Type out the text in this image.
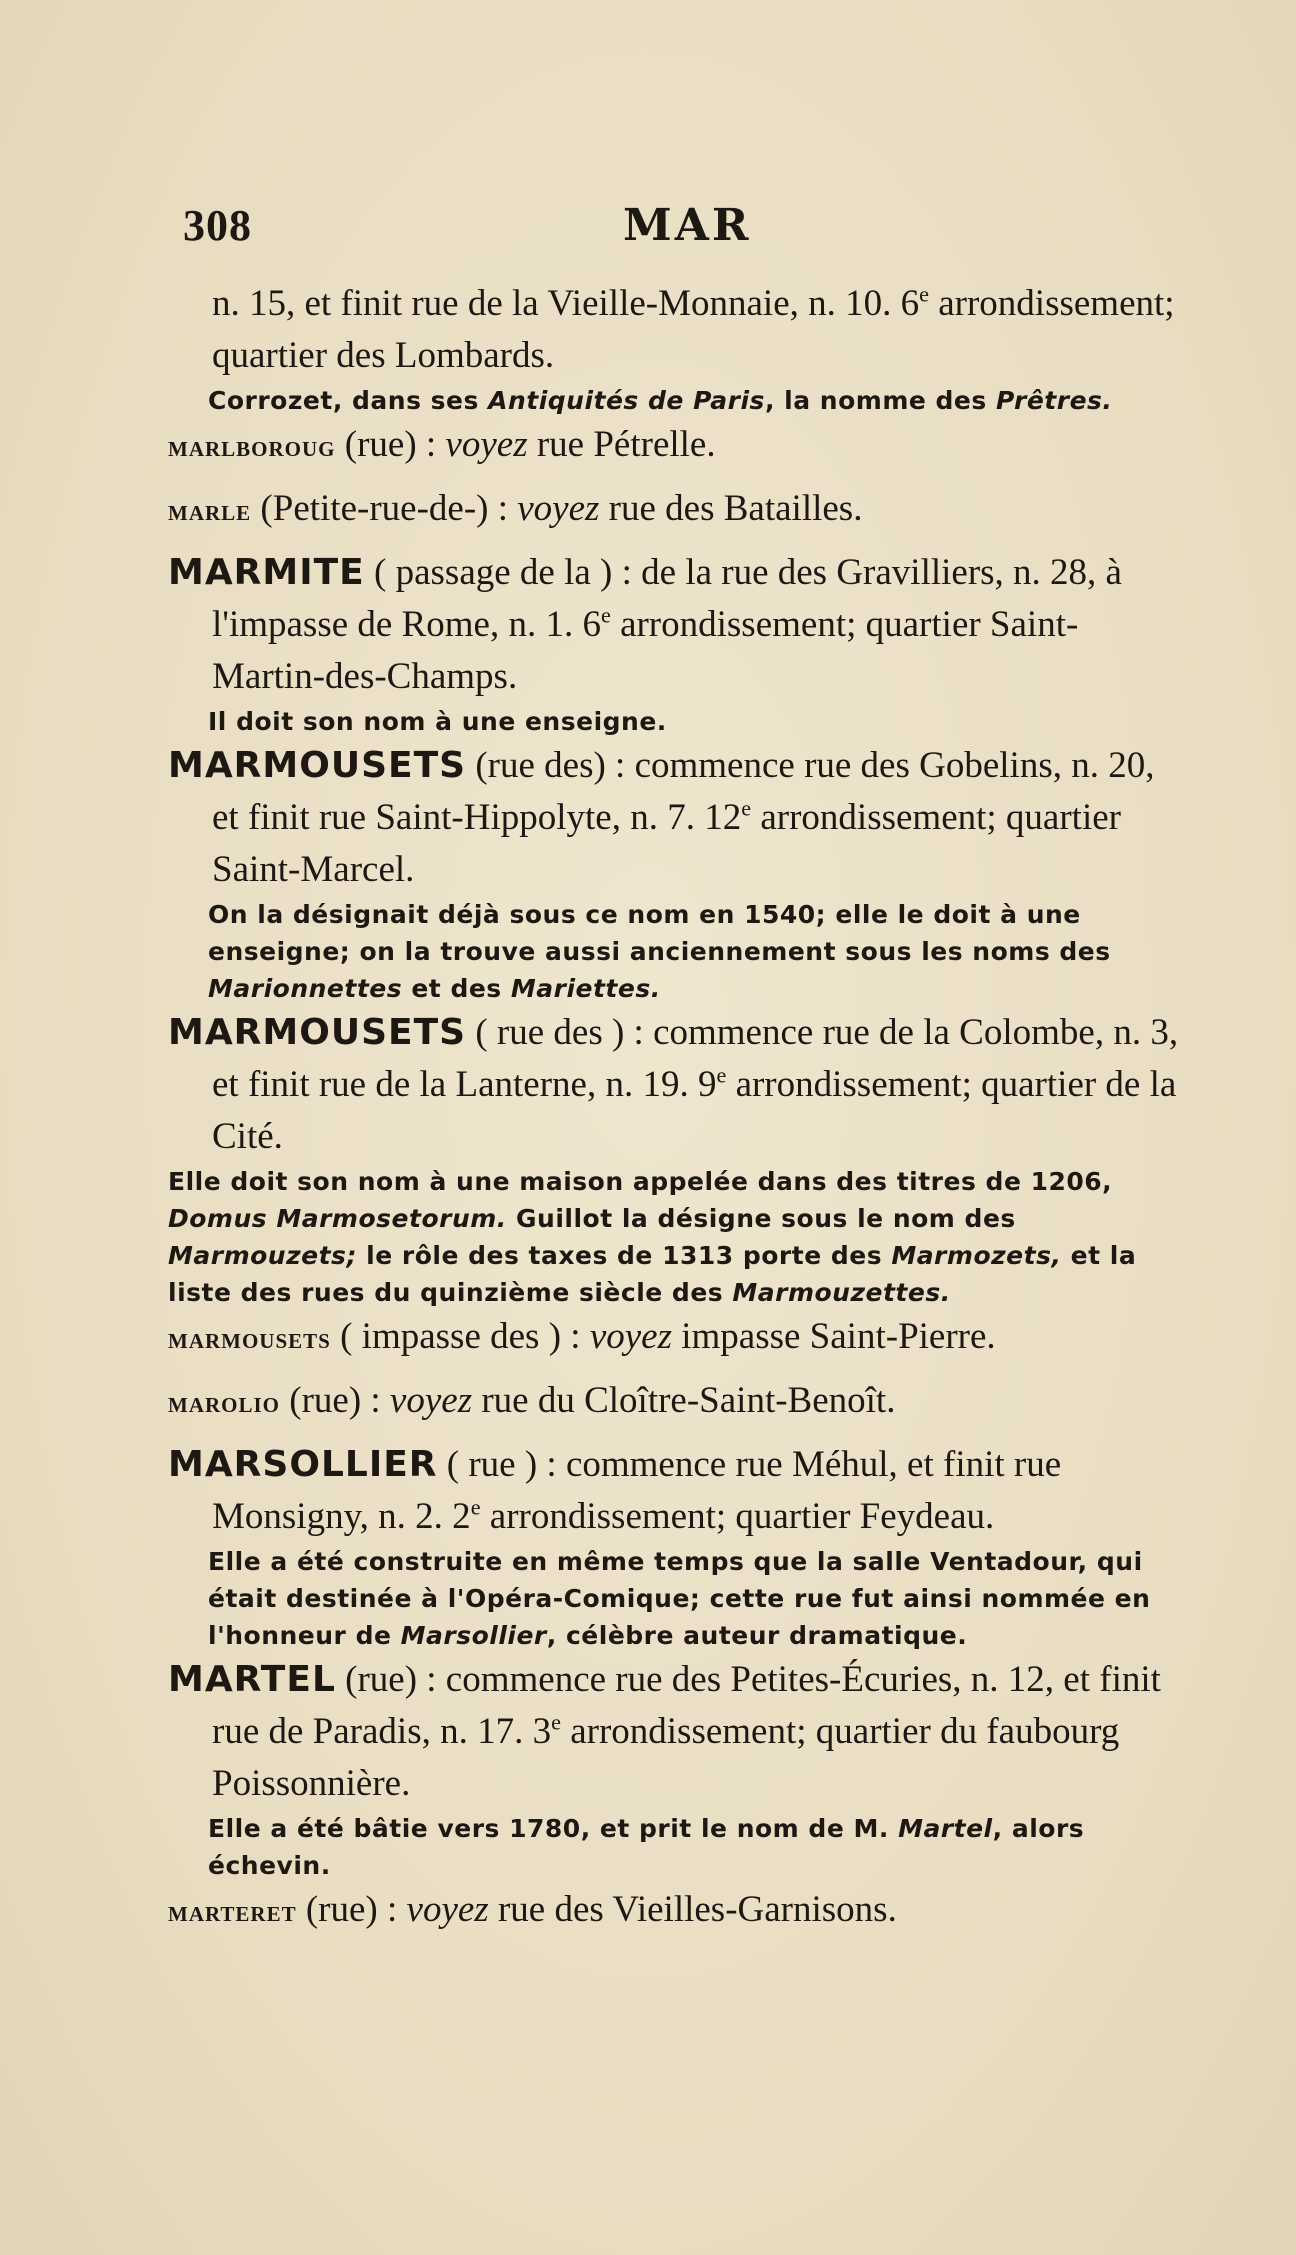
308	MAR

n. 15, et finit rue de la Vieille-Monnaie, n. 10. 6e arrondissement; quartier des Lombards.

Corrozet, dans ses Antiquités de Paris, la nomme des Prêtres.

marlboroug (rue) : voyez rue Pétrelle.

marle (Petite-rue-de-) : voyez rue des Batailles.

MARMITE ( passage de la ) : de la rue des Gravilliers, n. 28, à l'impasse de Rome, n. 1. 6e arrondissement; quartier Saint-Martin-des-Champs.

Il doit son nom à une enseigne.

MARMOUSETS (rue des) : commence rue des Gobelins, n. 20, et finit rue Saint-Hippolyte, n. 7. 12e arrondissement; quartier Saint-Marcel.

On la désignait déjà sous ce nom en 1540; elle le doit à une enseigne; on la trouve aussi anciennement sous les noms des Marionnettes et des Mariettes.

MARMOUSETS ( rue des ) : commence rue de la Colombe, n. 3, et finit rue de la Lanterne, n. 19. 9e arrondissement; quartier de la Cité.

Elle doit son nom à une maison appelée dans des titres de 1206, Domus Marmosetorum. Guillot la désigne sous le nom des Marmouzets; le rôle des taxes de 1313 porte des Marmozets, et la liste des rues du quinzième siècle des Marmouzettes.

marmousets ( impasse des ) : voyez impasse Saint-Pierre.

marolio (rue) : voyez rue du Cloître-Saint-Benoît.

MARSOLLIER ( rue ) : commence rue Méhul, et finit rue Monsigny, n. 2. 2e arrondissement; quartier Feydeau.

Elle a été construite en même temps que la salle Ventadour, qui était destinée à l'Opéra-Comique; cette rue fut ainsi nommée en l'honneur de Marsollier, célèbre auteur dramatique.

MARTEL (rue) : commence rue des Petites-Écuries, n. 12, et finit rue de Paradis, n. 17. 3e arrondissement; quartier du faubourg Poissonnière.

Elle a été bâtie vers 1780, et prit le nom de M. Martel, alors échevin.

marteret (rue) : voyez rue des Vieilles-Garnisons.
